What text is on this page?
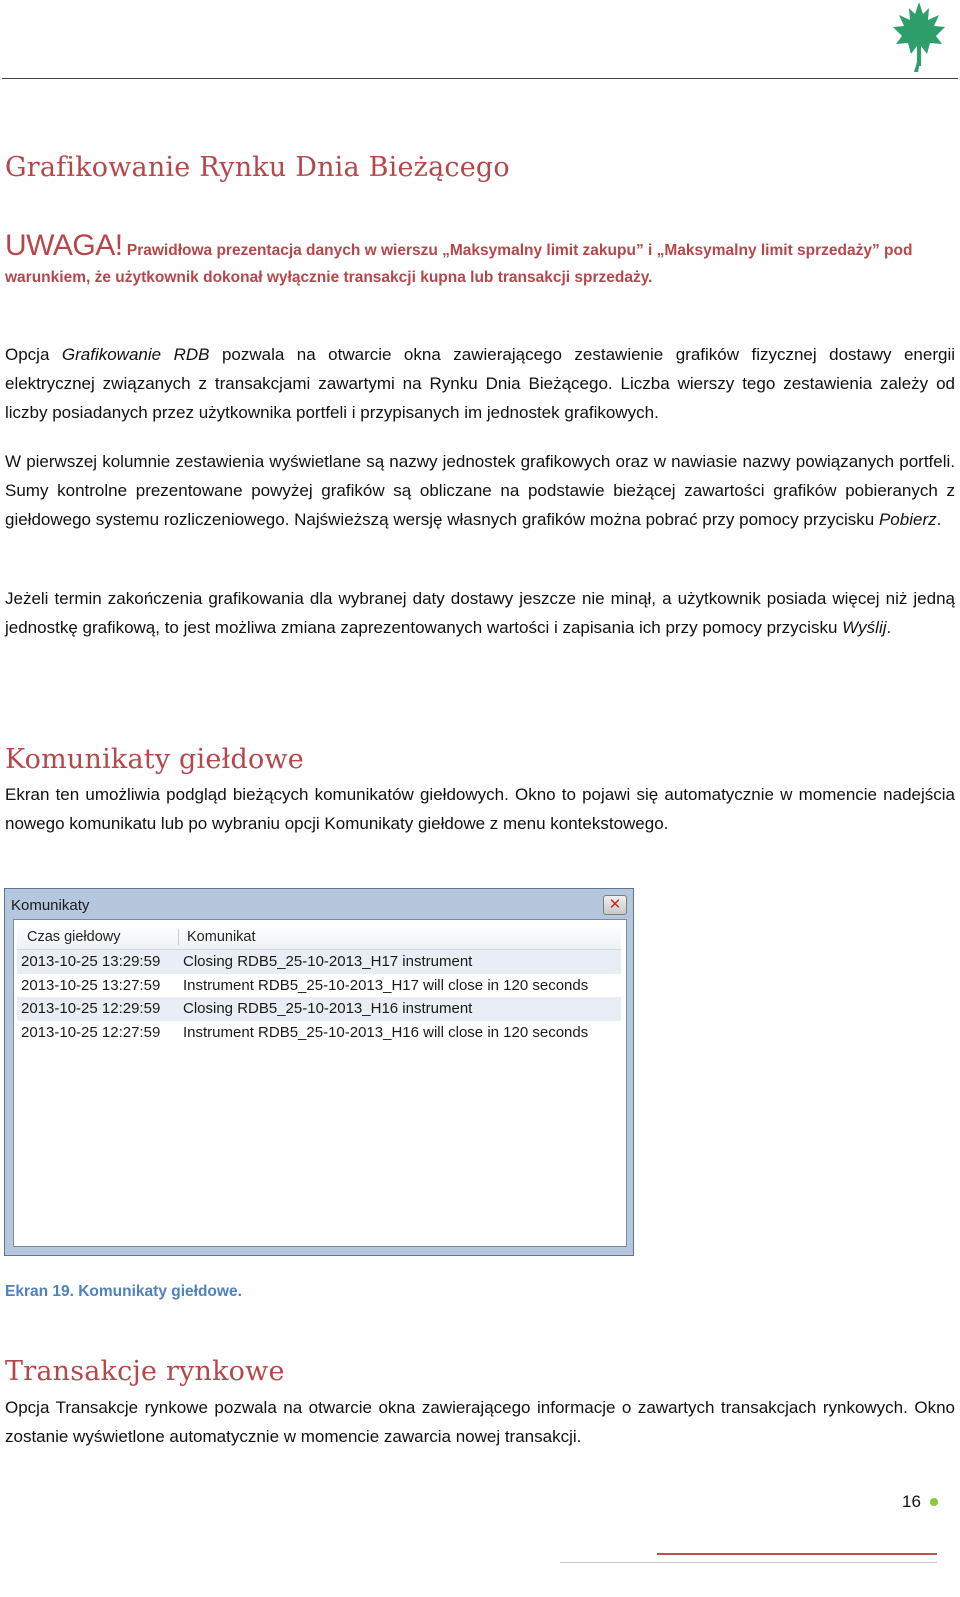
Grafikowanie Rynku Dnia Bieżącego
UWAGA! Prawidłowa prezentacja danych w wierszu „Maksymalny limit zakupu” i „Maksymalny limit sprzedaży” pod warunkiem, że użytkownik dokonał wyłącznie transakcji kupna lub transakcji sprzedaży.

Opcja Grafikowanie RDB pozwala na otwarcie okna zawierającego zestawienie grafików fizycznej dostawy energii elektrycznej związanych z transakcjami zawartymi na Rynku Dnia Bieżącego. Liczba wierszy tego zestawienia zależy od liczby posiadanych przez użytkownika portfeli i przypisanych im jednostek grafikowych.

W pierwszej kolumnie zestawienia wyświetlane są nazwy jednostek grafikowych oraz w nawiasie nazwy powiązanych portfeli. Sumy kontrolne prezentowane powyżej grafików są obliczane na podstawie bieżącej zawartości grafików pobieranych z giełdowego systemu rozliczeniowego. Najświeższą wersję własnych grafików można pobrać przy pomocy przycisku Pobierz.

Jeżeli termin zakończenia grafikowania dla wybranej daty dostawy jeszcze nie minął, a użytkownik posiada więcej niż jedną jednostkę grafikową, to jest możliwa zmiana zaprezentowanych wartości i zapisania ich przy pomocy przycisku Wyślij.

Komunikaty giełdowe

Ekran ten umożliwia podgląd bieżących komunikatów giełdowych. Okno to pojawi się automatycznie w momencie nadejścia nowego komunikatu lub po wybraniu opcji Komunikaty giełdowe z menu kontekstowego.

Komunikaty	✕
Czas giełdowy	Komunikat
2013-10-25 13:29:59 Closing RDB5_25-10-2013_H17 instrument
2013-10-25 13:27:59 Instrument RDB5_25-10-2013_H17 will close in 120 seconds
2013-10-25 12:29:59 Closing RDB5_25-10-2013_H16 instrument
2013-10-25 12:27:59 Instrument RDB5_25-10-2013_H16 will close in 120 seconds
Ekran 19. Komunikaty giełdowe.
Transakcje rynkowe

Opcja Transakcje rynkowe pozwala na otwarcie okna zawierającego informacje o zawartych transakcjach rynkowych. Okno zostanie wyświetlone automatycznie w momencie zawarcia nowej transakcji.

16
